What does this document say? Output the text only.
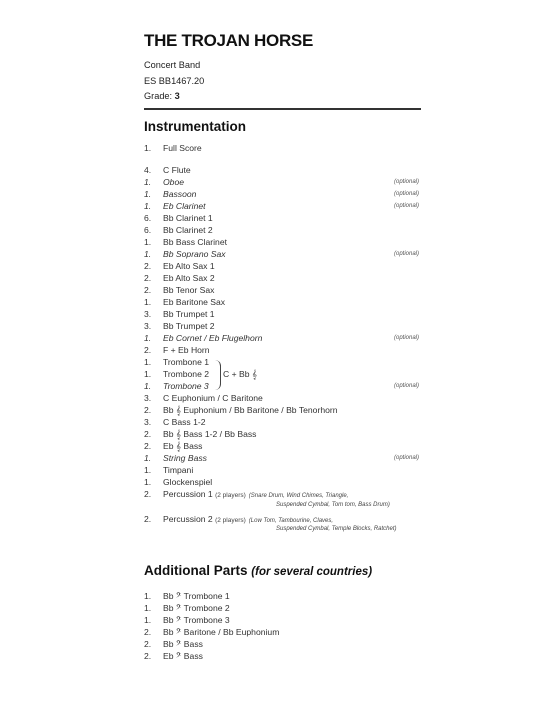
THE TROJAN HORSE
Concert Band
ES BB1467.20
Grade: 3
Instrumentation
1.	Full Score
4.	C Flute
1.	Oboe	(optional)
1.	Bassoon	(optional)
1.	Eb Clarinet	(optional)
6.	Bb Clarinet 1
6.	Bb Clarinet 2
1.	Bb Bass Clarinet
1.	Bb Soprano Sax	(optional)
2.	Eb Alto Sax 1
2.	Eb Alto Sax 2
2.	Bb Tenor Sax
1.	Eb Baritone Sax
3.	Bb Trumpet 1
3.	Bb Trumpet 2
1.	Eb Cornet / Eb Flugelhorn	(optional)
2.	F + Eb Horn
1.	Trombone 1
1.	Trombone 2
1.	Trombone 3	(optional)
C + Bb 𝄞
3.	C Euphonium / C Baritone
2.	Bb 𝄞 Euphonium / Bb Baritone / Bb Tenorhorn
3.	C Bass 1-2
2.	Bb 𝄞 Bass 1-2 / Bb Bass
2.	Eb 𝄞 Bass
1.	String Bass	(optional)
1.	Timpani
1.	Glockenspiel
2.	Percussion 1 (2 players) (Snare Drum, Wind Chimes, Triangle,
Suspended Cymbal, Tom tom, Bass Drum)
2.	Percussion 2 (2 players) (Low Tom, Tambourine, Claves,
Suspended Cymbal, Temple Blocks, Ratchet)
Additional Parts (for several countries)
1.	Bb 𝄢 Trombone 1
1.	Bb 𝄢 Trombone 2
1.	Bb 𝄢 Trombone 3
2.	Bb 𝄢 Baritone / Bb Euphonium
2.	Bb 𝄢 Bass
2.	Eb 𝄢 Bass
